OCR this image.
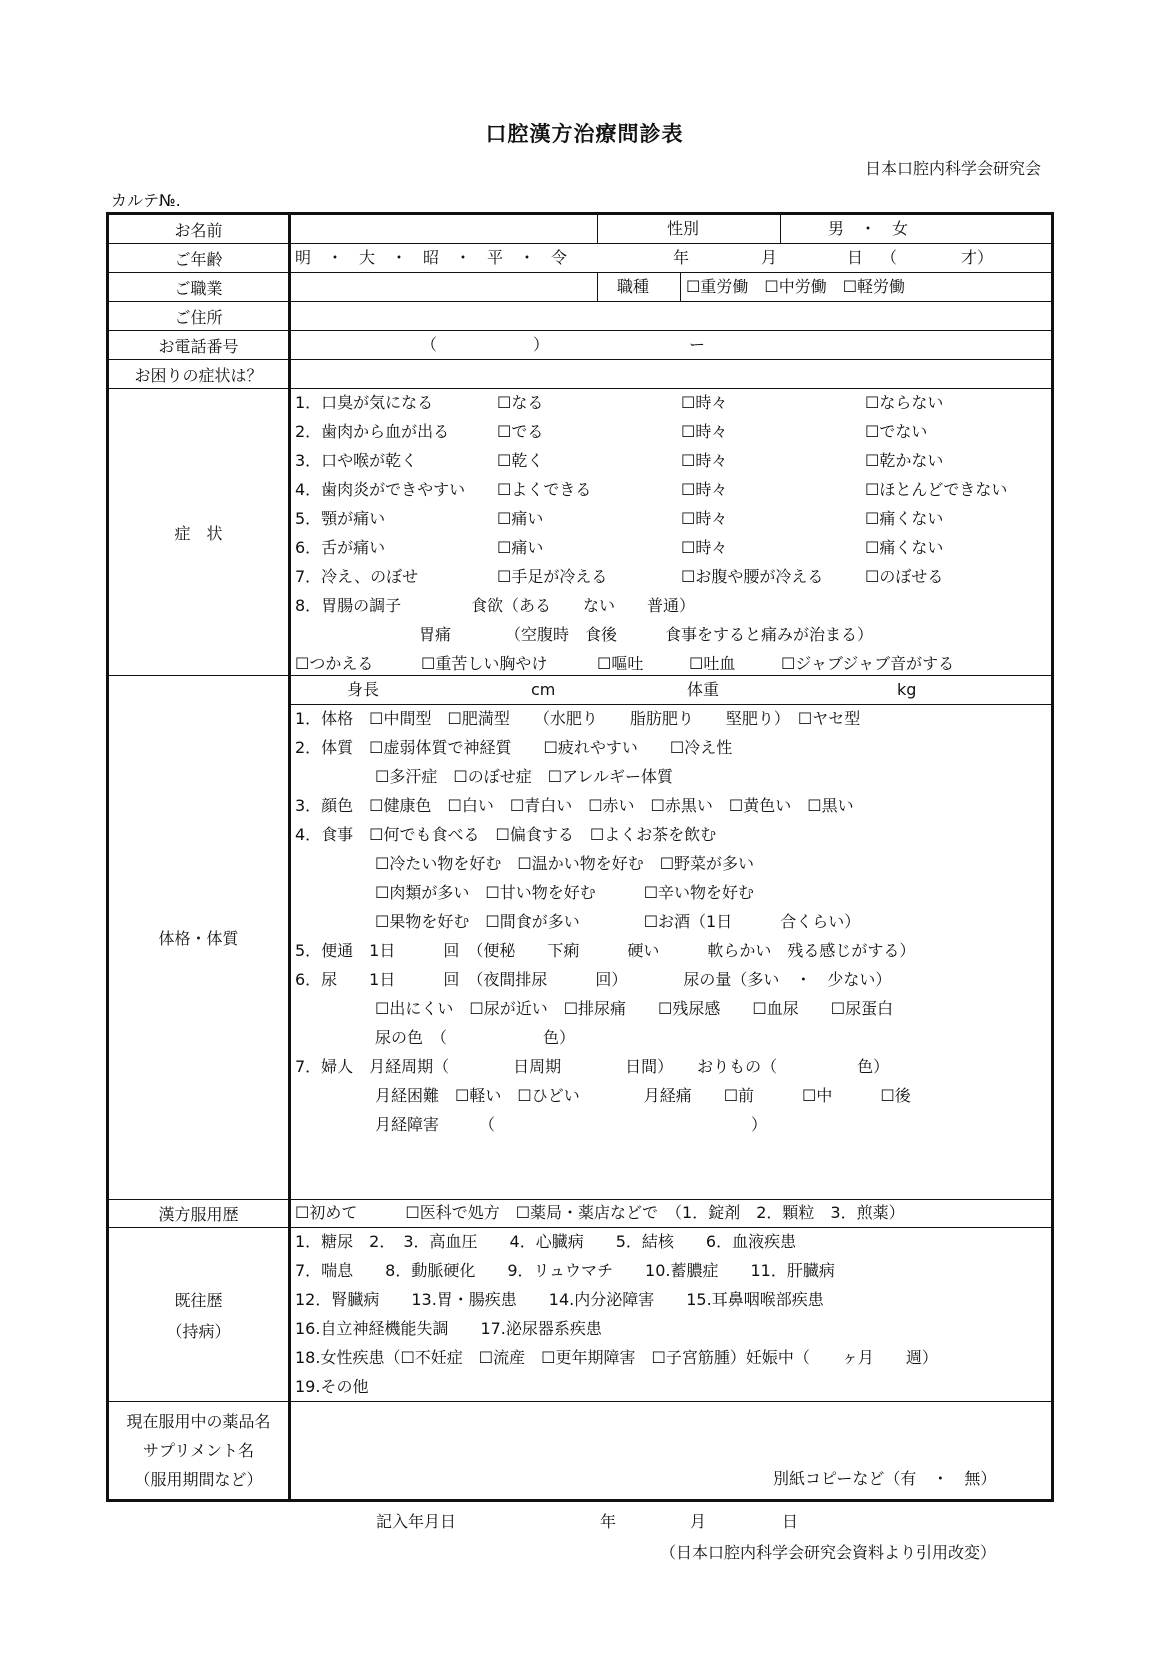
口腔漢方治療問診表
日本口腔内科学会研究会
カルテ№.
お名前	性別	男　・　女
ご年齢	明　・　大　・　昭　・　平　・　令	年	月	日 （　　　　才）
ご職業	職種 ☐重労働　☐中労働　☐軽労働
ご住所
お電話番号	（　　　　　　）	ー
お困りの症状は？
症　状
1．口臭が気になる	☐なる	☐時々	☐ならない
2．歯肉から血が出る	☐でる	☐時々	☐でない
3．口や喉が乾く	☐乾く	☐時々	☐乾かない
4．歯肉炎ができやすい ☐よくできる	☐時々	☐ほとんどできない
5．顎が痛い	☐痛い	☐時々	☐痛くない
6．舌が痛い	☐痛い	☐時々	☐痛くない
7．冷え、のぼせ	☐手足が冷える	☐お腹や腰が冷える	☐のぼせる
8．胃腸の調子	食欲（ある　　ない　　普通）
胃痛	（空腹時　食後　　　食事をすると痛みが治まる）
☐つかえる	☐重苦しい胸やけ	☐嘔吐	☐吐血	☐ジャブジャブ音がする
体格・体質
身長	cm	体重	kg
1．体格　☐中間型　☐肥満型　　（水肥り　　脂肪肥り　　堅肥り）　☐ヤセ型
2．体質　☐虚弱体質で神経質　　☐疲れやすい　　☐冷え性
　　　　　☐多汗症　☐のぼせ症　☐アレルギー体質
3．顔色　☐健康色　☐白い　☐青白い　☐赤い　☐赤黒い　☐黄色い　☐黒い
4．食事　☐何でも食べる　☐偏食する　☐よくお茶を飲む
　　　　　☐冷たい物を好む　☐温かい物を好む　☐野菜が多い
　　　　　☐肉類が多い　☐甘い物を好む　　　☐辛い物を好む
　　　　　☐果物を好む　☐間食が多い　　　　☐お酒（1日　　　合くらい）
5．便通　1日　　　回　（便秘　　下痢　　　硬い　　　軟らかい　残る感じがする）
6．尿　　1日　　　回　（夜間排尿　　　回）　　　　尿の量（多い　・　少ない）
　　　　　☐出にくい　☐尿が近い　☐排尿痛　　☐残尿感　　☐血尿　　☐尿蛋白
　　　　　尿の色　（　　　　　　色）
7．婦人　月経周期（　　　　日周期　　　　日間）　　おりもの（　　　　　色）
　　　　　月経困難　☐軽い　☐ひどい　　　　月経痛　　☐前　　　☐中　　　☐後
　　　　　月経障害　　　（　　　　　　　　　　　　　　　　）
漢方服用歴	☐初めて　　　☐医科で処方　☐薬局・薬店などで　（1．錠剤　2．顆粒　3．煎薬）
既往歴
（持病）
1．糖尿　2．　3．高血圧　　4．心臓病　　5．結核　　6．血液疾患
7．喘息　　8．動脈硬化　　9．リュウマチ　　10.蓄膿症　　11．肝臓病
12．腎臓病　　13.胃・腸疾患　　14.内分泌障害　　15.耳鼻咽喉部疾患
16.自立神経機能失調　　17.泌尿器系疾患
18.女性疾患（☐不妊症　☐流産　☐更年期障害　☐子宮筋腫）妊娠中（　　ヶ月　　週）
19.その他
現在服用中の薬品名
サプリメント名
（服用期間など）	別紙コピーなど（有　・　無）
記入年月日	年	月	日
（日本口腔内科学会研究会資料より引用改変）
